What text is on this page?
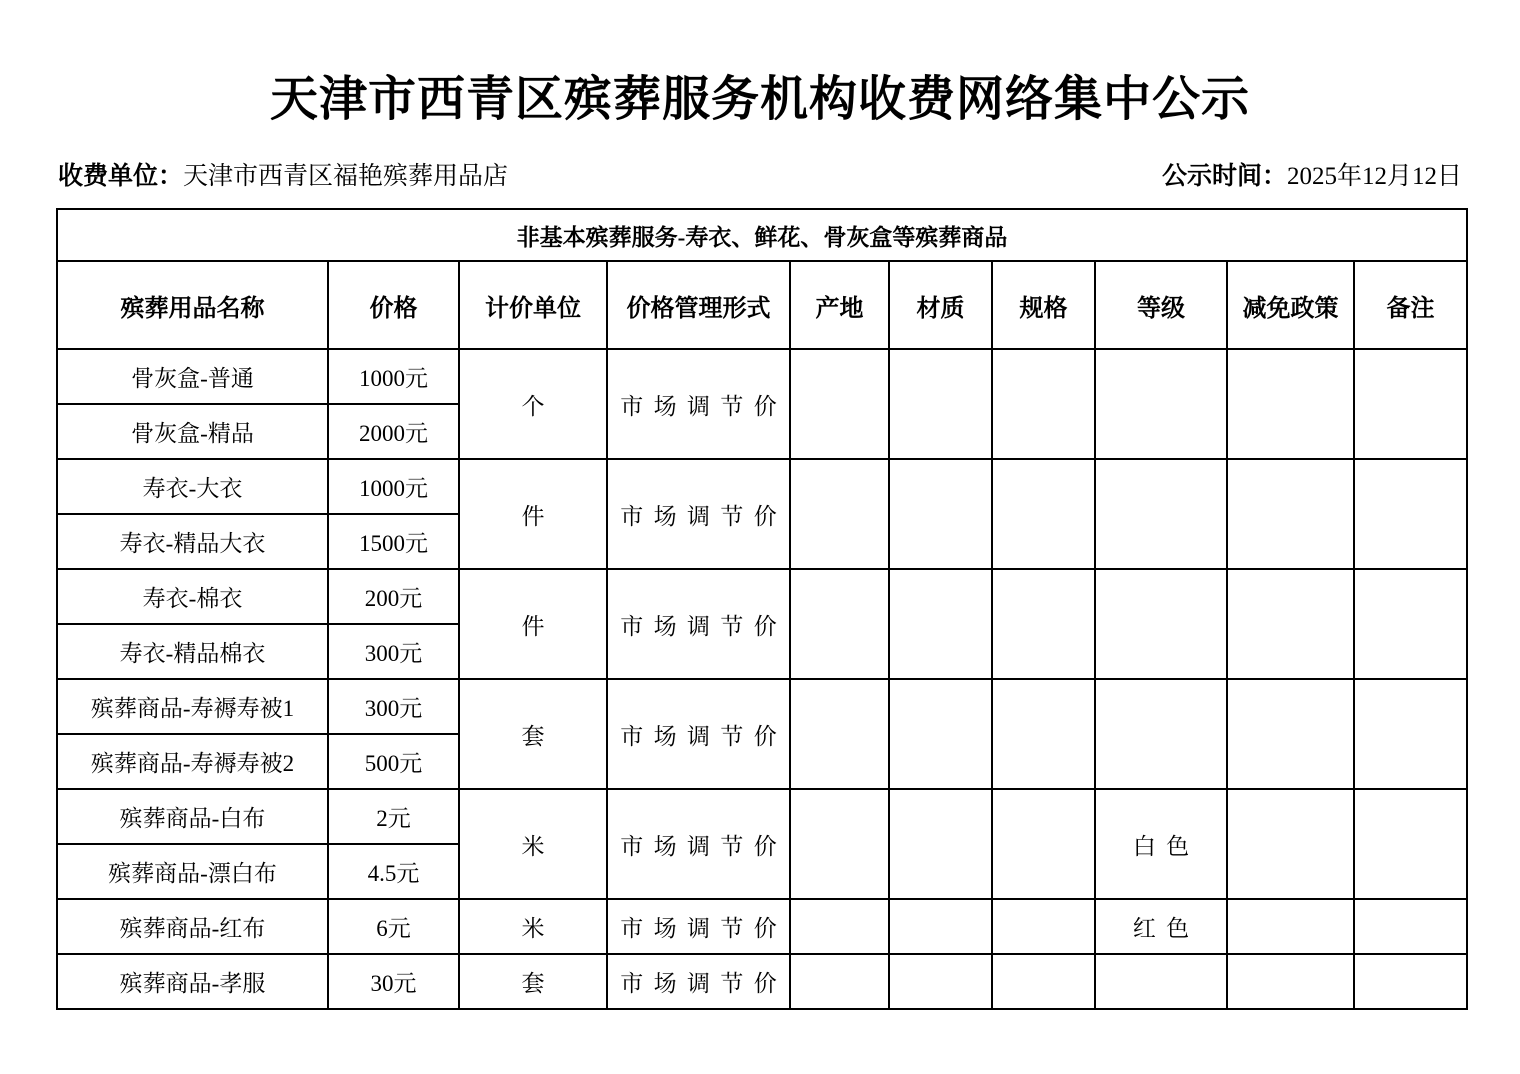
天津市西青区殡葬服务机构收费网络集中公示
收费单位：天津市西青区福艳殡葬用品店	公示时间：2025年12月12日
非基本殡葬服务-寿衣、鲜花、骨灰盒等殡葬商品									
殡葬用品名称	价格	计价单位	价格管理形式	产地	材质	规格	等级	减免政策	备注
骨灰盒-普通	1000元	个	市场调节价						
骨灰盒-精品	2000元								
寿衣-大衣	1000元	件	市场调节价						
寿衣-精品大衣	1500元								
寿衣-棉衣	200元	件	市场调节价						
寿衣-精品棉衣	300元								
殡葬商品-寿褥寿被1	300元	套	市场调节价						
殡葬商品-寿褥寿被2	500元								
殡葬商品-白布	2元	米	市场调节价				白色		
殡葬商品-漂白布	4.5元								
殡葬商品-红布	6元	米	市场调节价				红色		
殡葬商品-孝服	30元	套	市场调节价						
